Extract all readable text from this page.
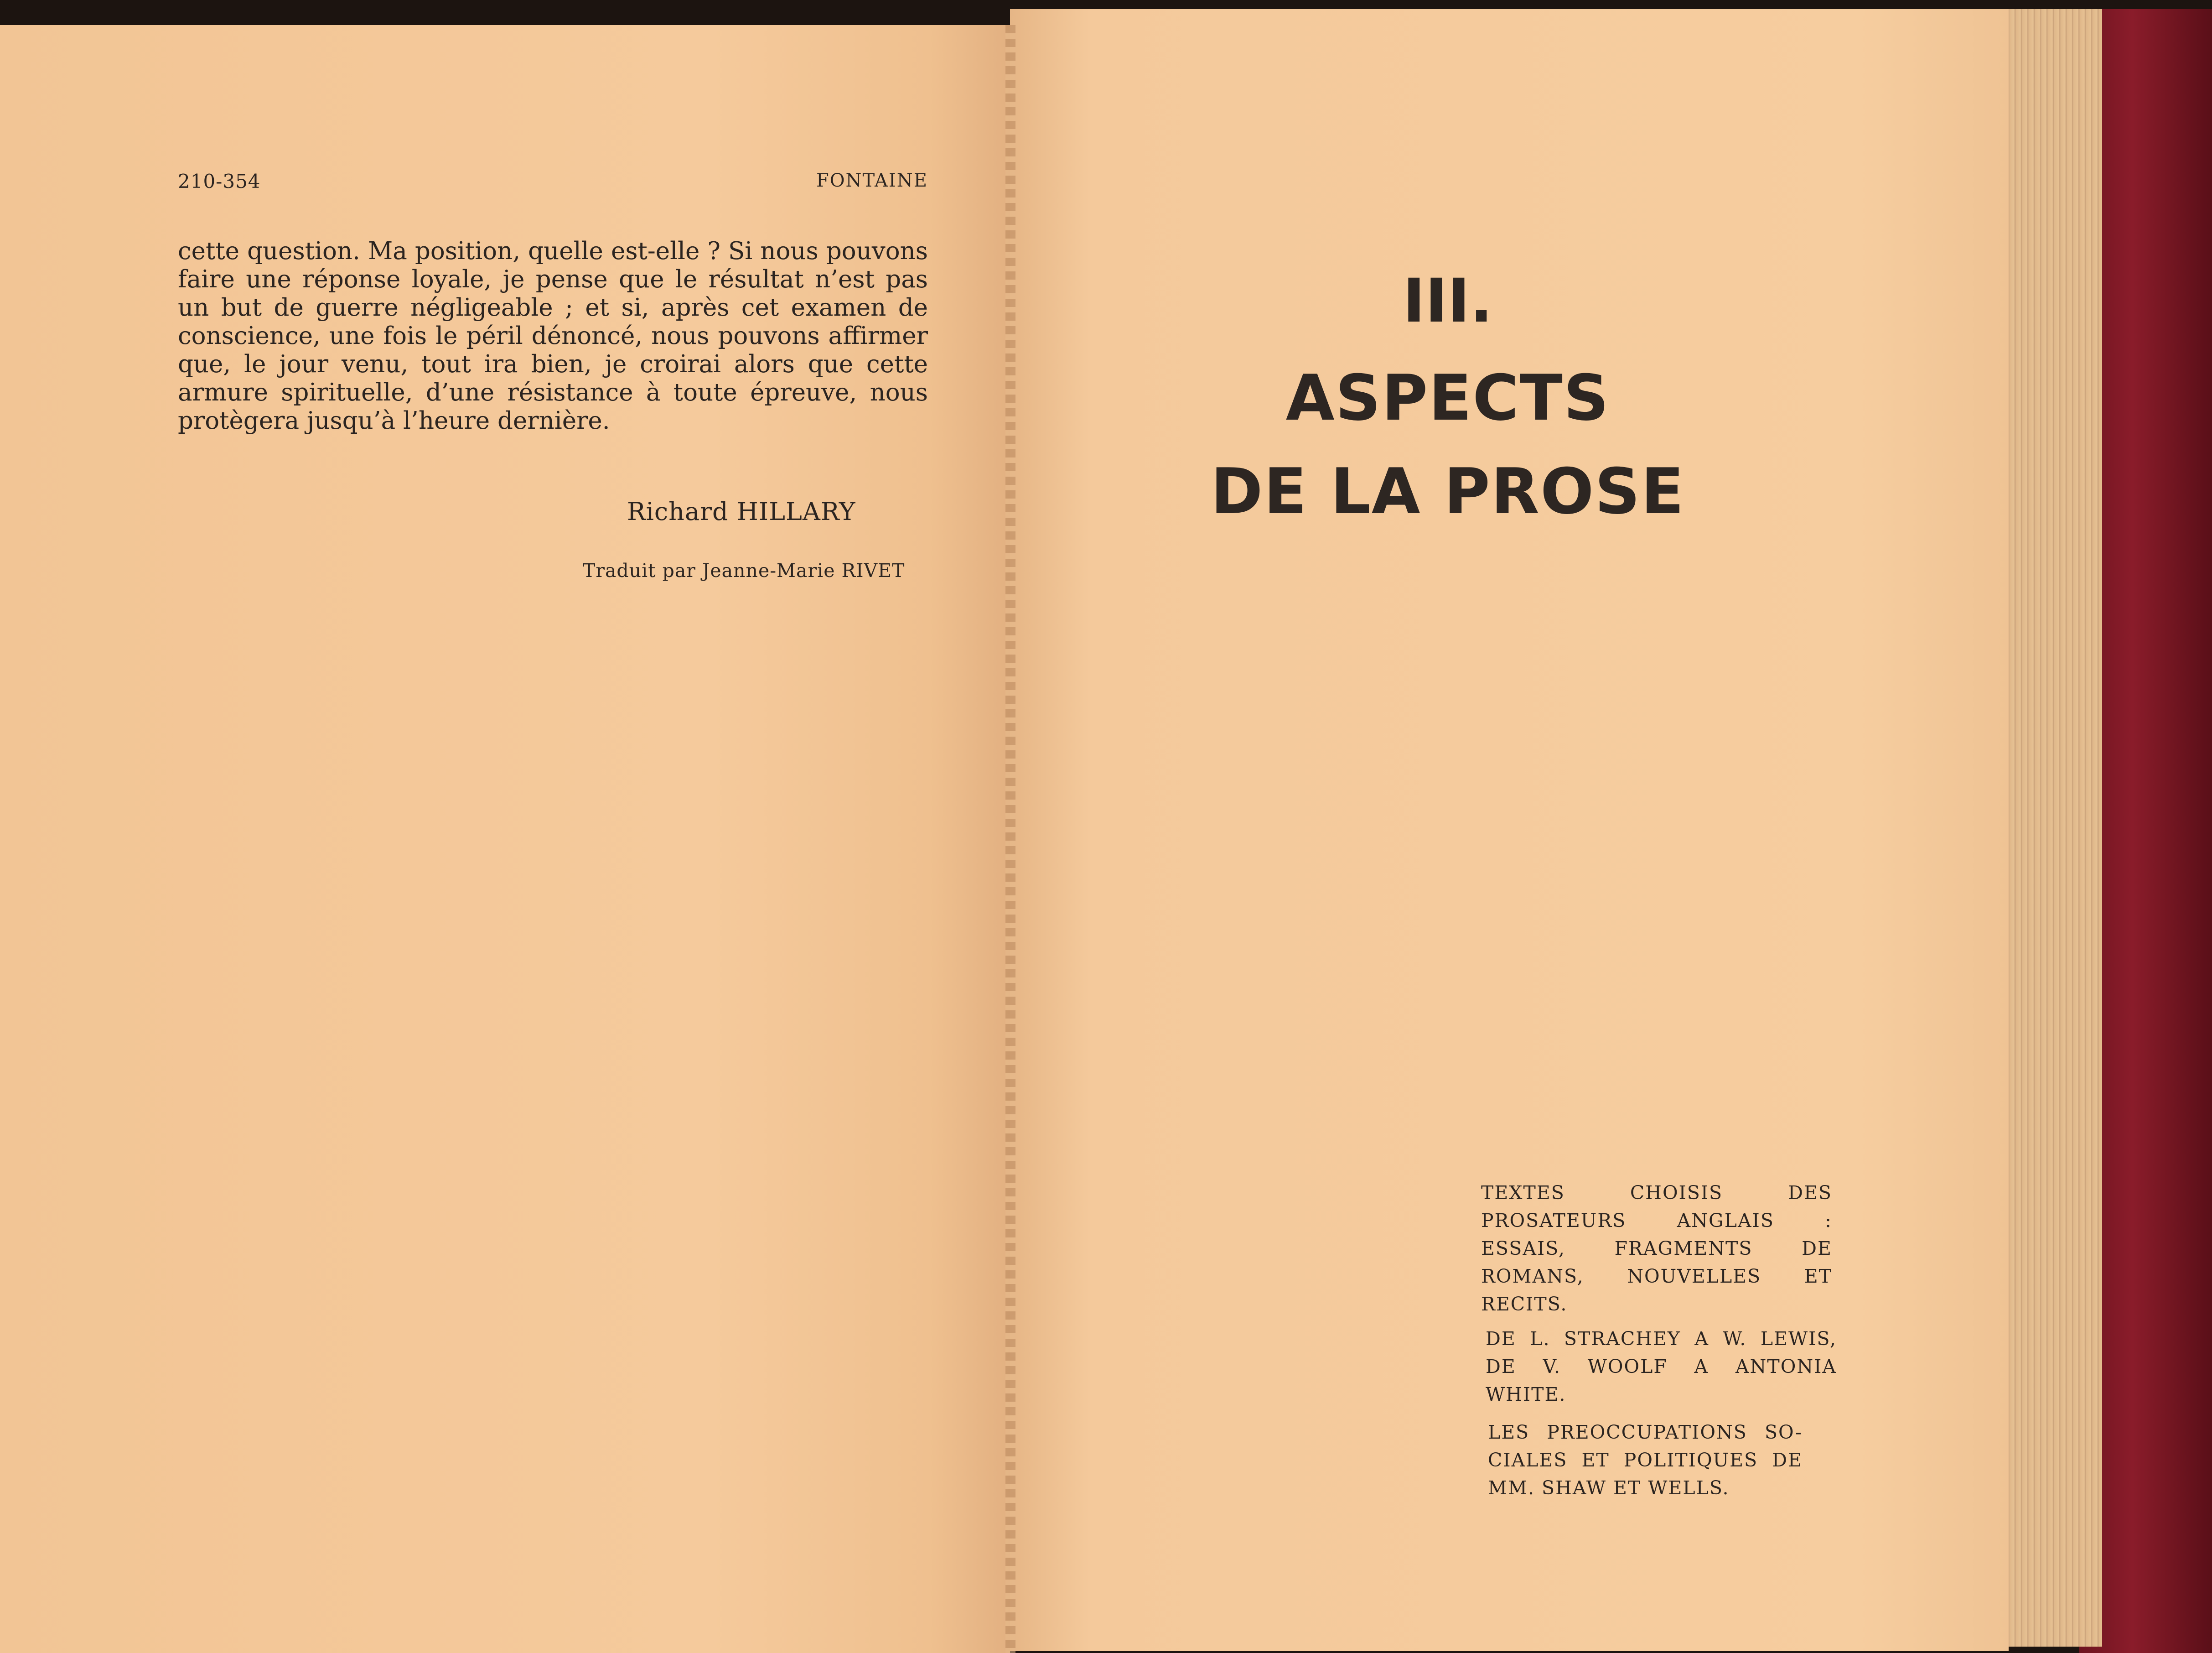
210-354	FONTAINE
cette question. Ma position, quelle est-elle ? Si nous pouvons
faire une réponse loyale, je pense que le résultat n’est pas
un but de guerre négligeable ; et si, après cet examen de
conscience, une fois le péril dénoncé, nous pouvons affirmer
que, le jour venu, tout ira bien, je croirai alors que cette
armure spirituelle, d’une résistance à toute épreuve, nous
protègera jusqu’à l’heure dernière.
Richard HILLARY
Traduit par Jeanne-Marie RIVET
III.
ASPECTS
DE LA PROSE
TEXTES CHOISIS DES
PROSATEURS ANGLAIS :
ESSAIS, FRAGMENTS DE
ROMANS, NOUVELLES ET
RECITS.
DE L. STRACHEY A W. LEWIS,
DE V. WOOLF A ANTONIA
WHITE.
LES PREOCCUPATIONS SO-
CIALES ET POLITIQUES DE
MM. SHAW ET WELLS.
